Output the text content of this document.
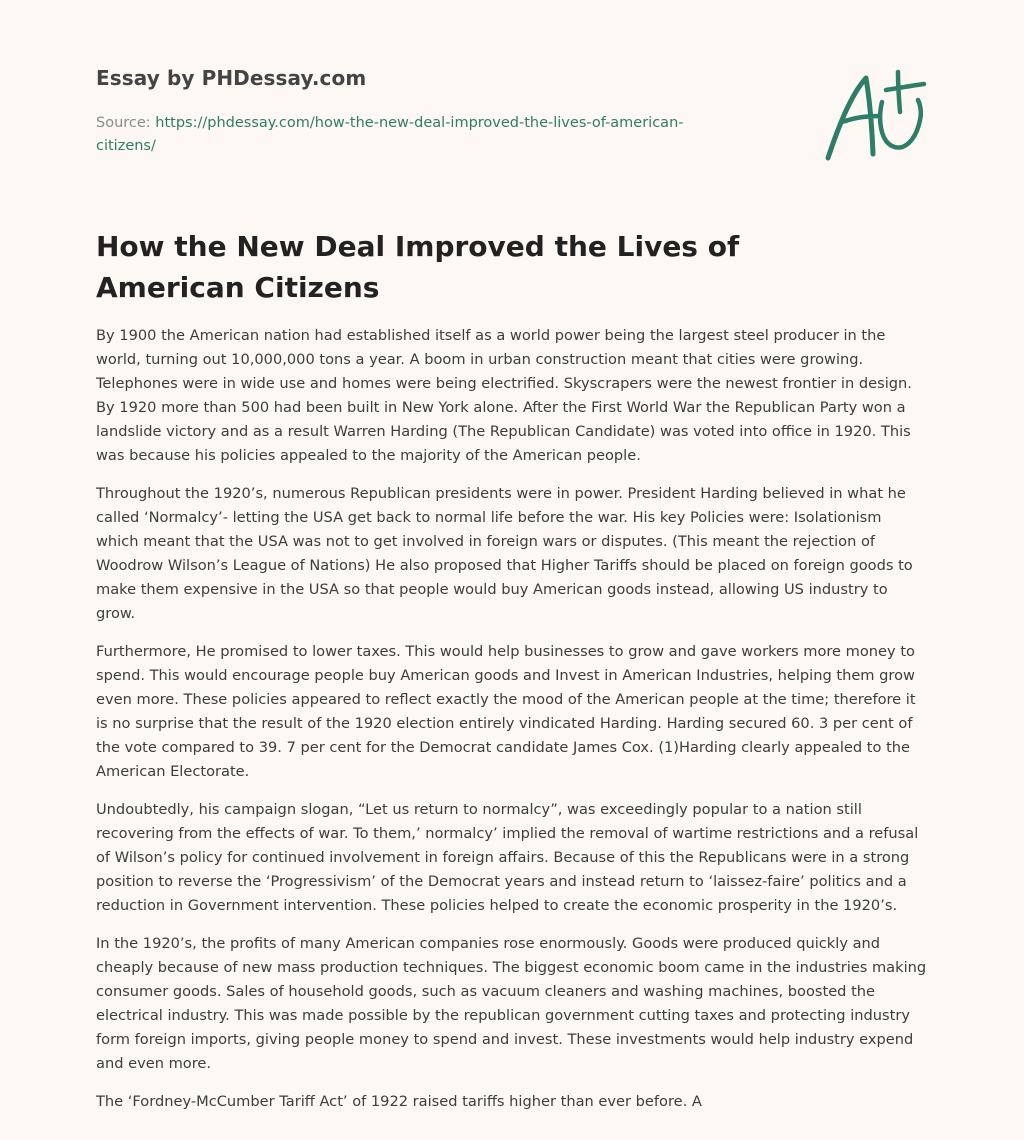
Essay by PHDessay.com
Source: https://phdessay.com/how-the-new-deal-improved-the-lives-of-american-citizens/
How the New Deal Improved the Lives of American Citizens

By 1900 the American nation had established itself as a world power being the largest steel producer in the world, turning out 10,000,000 tons a year. A boom in urban construction meant that cities were growing. Telephones were in wide use and homes were being electrified. Skyscrapers were the newest frontier in design. By 1920 more than 500 had been built in New York alone. After the First World War the Republican Party won a landslide victory and as a result Warren Harding (The Republican Candidate) was voted into office in 1920. This was because his policies appealed to the majority of the American people.

Throughout the 1920’s, numerous Republican presidents were in power. President Harding believed in what he called ‘Normalcy’- letting the USA get back to normal life before the war. His key Policies were: Isolationism which meant that the USA was not to get involved in foreign wars or disputes. (This meant the rejection of Woodrow Wilson’s League of Nations) He also proposed that Higher Tariffs should be placed on foreign goods to make them expensive in the USA so that people would buy American goods instead, allowing US industry to grow.

Furthermore, He promised to lower taxes. This would help businesses to grow and gave workers more money to spend. This would encourage people buy American goods and Invest in American Industries, helping them grow even more. These policies appeared to reflect exactly the mood of the American people at the time; therefore it is no surprise that the result of the 1920 election entirely vindicated Harding. Harding secured 60. 3 per cent of the vote compared to 39. 7 per cent for the Democrat candidate James Cox. (1)Harding clearly appealed to the American Electorate.

Undoubtedly, his campaign slogan, “Let us return to normalcy”, was exceedingly popular to a nation still recovering from the effects of war. To them,’ normalcy’ implied the removal of wartime restrictions and a refusal of Wilson’s policy for continued involvement in foreign affairs. Because of this the Republicans were in a strong position to reverse the ‘Progressivism’ of the Democrat years and instead return to ‘laissez-faire’ politics and a reduction in Government intervention. These policies helped to create the economic prosperity in the 1920’s.

In the 1920’s, the profits of many American companies rose enormously. Goods were produced quickly and cheaply because of new mass production techniques. The biggest economic boom came in the industries making consumer goods. Sales of household goods, such as vacuum cleaners and washing machines, boosted the electrical industry. This was made possible by the republican government cutting taxes and protecting industry form foreign imports, giving people money to spend and invest. These investments would help industry expend and even more.

The ‘Fordney-McCumber Tariff Act’ of 1922 raised tariffs higher than ever before. A
